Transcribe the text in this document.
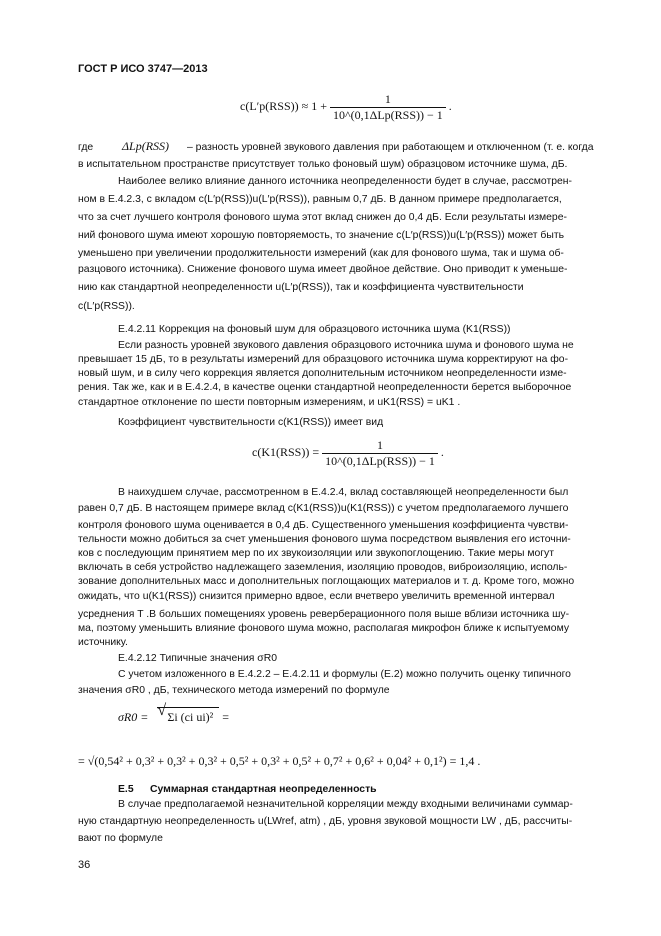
ГОСТ Р ИСО 3747—2013
$c(L'p(RSS)) \approx 1 + \frac{1}{\text{10\textasciicircum{}(0,1ΔLp(RSS)) − 1}}$ .
где ΔLp(RSS) – разность уровней звукового давления при работающем и отключенном (т. е. когда
в испытательном пространстве присутствует только фоновый шум) образцовом источнике шума, дБ.
Наиболее велико влияние данного источника неопределенности будет в случае, рассмотрен-
ном в Е.4.2.3, с вкладом c(L′p(RSS))u(L′p(RSS)), равным 0,7 дБ. В данном примере предполагается,
что за счет лучшего контроля фонового шума этот вклад снижен до 0,4 дБ. Если результаты измере-
ний фонового шума имеют хорошую повторяемость, то значение c(L′p(RSS))u(L′p(RSS)) может быть
уменьшено при увеличении продолжительности измерений (как для фонового шума, так и шума об-
разцового источника). Снижение фонового шума имеет двойное действие. Оно приводит к уменьше-
нию как стандартной неопределенности u(L′p(RSS)), так и коэффициента чувствительности
c(L′p(RSS)).
Е.4.2.11 Коррекция на фоновый шум для образцового источника шума (K1(RSS))
Если разность уровней звукового давления образцового источника шума и фонового шума не
превышает 15 дБ, то в результаты измерений для образцового источника шума корректируют на фо-
новый шум, и в силу чего коррекция является дополнительным источником неопределенности изме-
рения. Так же, как и в Е.4.2.4, в качестве оценки стандартной неопределенности берется выборочное
стандартное отклонение по шести повторным измерениям, и uK1(RSS) = uK1 .
Коэффициент чувствительности c(K1(RSS)) имеет вид
$c(K1(RSS)) = \frac{1}{\text{10\textasciicircum{}(0,1ΔLp(RSS)) − 1}}$ .
В наихудшем случае, рассмотренном в Е.4.2.4, вклад составляющей неопределенности был
равен 0,7 дБ. В настоящем примере вклад c(K1(RSS))u(K1(RSS)) с учетом предполагаемого лучшего
контроля фонового шума оценивается в 0,4 дБ. Существенного уменьшения коэффициента чувстви-
тельности можно добиться за счет уменьшения фонового шума посредством выявления его источни-
ков с последующим принятием мер по их звукоизоляции или звукопоглощению. Такие меры могут
включать в себя устройство надлежащего заземления, изоляцию проводов, виброизоляцию, исполь-
зование дополнительных масс и дополнительных поглощающих материалов и т. д. Кроме того, можно
ожидать, что u(K1(RSS)) снизится примерно вдвое, если вчетверо увеличить временной интервал
усреднения T .В больших помещениях уровень реверберационного поля выше вблизи источника шу-
ма, поэтому уменьшить влияние фонового шума можно, располагая микрофон ближе к испытуемому
источнику.
Е.4.2.12 Типичные значения σR0
С учетом изложенного в Е.4.2.2 – Е.4.2.11 и формулы (Е.2) можно получить оценку типичного
значения σR0 , дБ, технического метода измерений по формуле
σR0 = √ Σi (ci ui)² =
= √(0,54² + 0,3² + 0,3² + 0,3² + 0,5² + 0,3² + 0,5² + 0,7² + 0,6² + 0,04² + 0,1²) = 1,4 .
Е.5 Суммарная стандартная неопределенность
В случае предполагаемой незначительной корреляции между входными величинами суммар-
ную стандартную неопределенность u(LWref, atm) , дБ, уровня звуковой мощности LW , дБ, рассчиты-
вают по формуле
36
